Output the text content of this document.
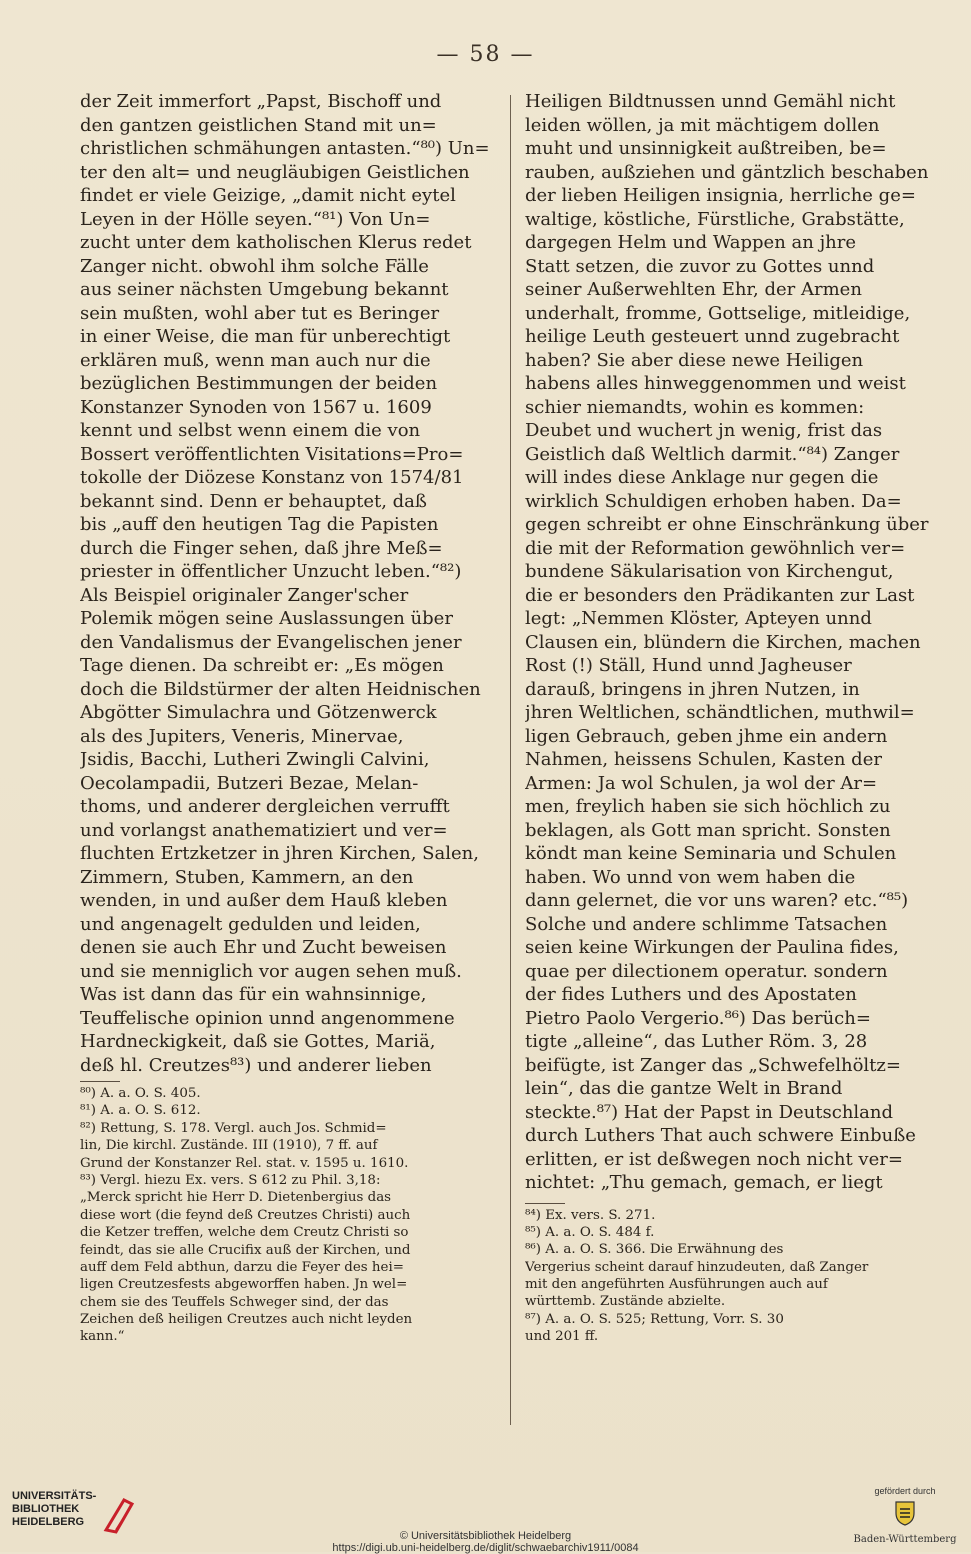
— 58 —
der Zeit immerfort „Papst, Bischoff und
den gantzen geistlichen Stand mit un=
christlichen schmähungen antasten.“⁸⁰) Un=
ter den alt= und neugläubigen Geistlichen
findet er viele Geizige, „damit nicht eytel
Leyen in der Hölle seyen.“⁸¹) Von Un=
zucht unter dem katholischen Klerus redet
Zanger nicht. obwohl ihm solche Fälle
aus seiner nächsten Umgebung bekannt
sein mußten, wohl aber tut es Beringer
in einer Weise, die man für unberechtigt
erklären muß, wenn man auch nur die
bezüglichen Bestimmungen der beiden
Konstanzer Synoden von 1567 u. 1609
kennt und selbst wenn einem die von
Bossert veröffentlichten Visitations=Pro=
tokolle der Diözese Konstanz von 1574/81
bekannt sind. Denn er behauptet, daß
bis „auff den heutigen Tag die Papisten
durch die Finger sehen, daß jhre Meß=
priester in öffentlicher Unzucht leben.“⁸²)
Als Beispiel originaler Zanger'scher
Polemik mögen seine Auslassungen über
den Vandalismus der Evangelischen jener
Tage dienen. Da schreibt er: „Es mögen
doch die Bildstürmer der alten Heidnischen
Abgötter Simulachra und Götzenwerck
als des Jupiters, Veneris, Minervae,
Jsidis, Bacchi, Lutheri Zwingli Calvini,
Oecolampadii, Butzeri Bezae, Melan-
thoms, und anderer dergleichen verrufft
und vorlangst anathematiziert und ver=
fluchten Ertzketzer in jhren Kirchen, Salen,
Zimmern, Stuben, Kammern, an den
wenden, in und außer dem Hauß kleben
und angenagelt gedulden und leiden,
denen sie auch Ehr und Zucht beweisen
und sie menniglich vor augen sehen muß.
Was ist dann das für ein wahnsinnige,
Teuffelische opinion unnd angenommene
Hardneckigkeit, daß sie Gottes, Mariä,
deß hl. Creutzes⁸³) und anderer lieben
⁸⁰) A. a. O. S. 405.
⁸¹) A. a. O. S. 612.
⁸²) Rettung, S. 178. Vergl. auch Jos. Schmid=
lin, Die kirchl. Zustände. III (1910), 7 ff. auf
Grund der Konstanzer Rel. stat. v. 1595 u. 1610.
⁸³) Vergl. hiezu Ex. vers. S 612 zu Phil. 3,18:
„Merck spricht hie Herr D. Dietenbergius das
diese wort (die feynd deß Creutzes Christi) auch
die Ketzer treffen, welche dem Creutz Christi so
feindt, das sie alle Crucifix auß der Kirchen, und
auff dem Feld abthun, darzu die Feyer des hei=
ligen Creutzesfests abgeworffen haben. Jn wel=
chem sie des Teuffels Schweger sind, der das
Zeichen deß heiligen Creutzes auch nicht leyden
kann.“
Heiligen Bildtnussen unnd Gemähl nicht
leiden wöllen, ja mit mächtigem dollen
muht und unsinnigkeit außtreiben, be=
rauben, außziehen und gäntzlich beschaben
der lieben Heiligen insignia, herrliche ge=
waltige, köstliche, Fürstliche, Grabstätte,
dargegen Helm und Wappen an jhre
Statt setzen, die zuvor zu Gottes unnd
seiner Außerwehlten Ehr, der Armen
underhalt, fromme, Gottselige, mitleidige,
heilige Leuth gesteuert unnd zugebracht
haben? Sie aber diese newe Heiligen
habens alles hinweggenommen und weist
schier niemandts, wohin es kommen:
Deubet und wuchert jn wenig, frist das
Geistlich daß Weltlich darmit.“⁸⁴) Zanger
will indes diese Anklage nur gegen die
wirklich Schuldigen erhoben haben. Da=
gegen schreibt er ohne Einschränkung über
die mit der Reformation gewöhnlich ver=
bundene Säkularisation von Kirchengut,
die er besonders den Prädikanten zur Last
legt: „Nemmen Klöster, Apteyen unnd
Clausen ein, blündern die Kirchen, machen
Rost (!) Ställ, Hund unnd Jagheuser
darauß, bringens in jhren Nutzen, in
jhren Weltlichen, schändtlichen, muthwil=
ligen Gebrauch, geben jhme ein andern
Nahmen, heissens Schulen, Kasten der
Armen: Ja wol Schulen, ja wol der Ar=
men, freylich haben sie sich höchlich zu
beklagen, als Gott man spricht. Sonsten
köndt man keine Seminaria und Schulen
haben. Wo unnd von wem haben die
dann gelernet, die vor uns waren? etc.“⁸⁵)
Solche und andere schlimme Tatsachen
seien keine Wirkungen der Paulina fides,
quae per dilectionem operatur. sondern
der fides Luthers und des Apostaten
Pietro Paolo Vergerio.⁸⁶) Das berüch=
tigte „alleine“, das Luther Röm. 3, 28
beifügte, ist Zanger das „Schwefelhöltz=
lein“, das die gantze Welt in Brand
steckte.⁸⁷) Hat der Papst in Deutschland
durch Luthers That auch schwere Einbuße
erlitten, er ist deßwegen noch nicht ver=
nichtet: „Thu gemach, gemach, er liegt
⁸⁴) Ex. vers. S. 271.
⁸⁵) A. a. O. S. 484 f.
⁸⁶) A. a. O. S. 366. Die Erwähnung des
Vergerius scheint darauf hinzudeuten, daß Zanger
mit den angeführten Ausführungen auch auf
württemb. Zustände abzielte.
⁸⁷) A. a. O. S. 525; Rettung, Vorr. S. 30
und 201 ff.
UNIVERSITÄTS-
BIBLIOTHEK
HEIDELBERG
© Universitätsbibliothek Heidelberg
https://digi.ub.uni-heidelberg.de/diglit/schwaebarchiv1911/0084
gefördert durch
Baden-Württemberg
